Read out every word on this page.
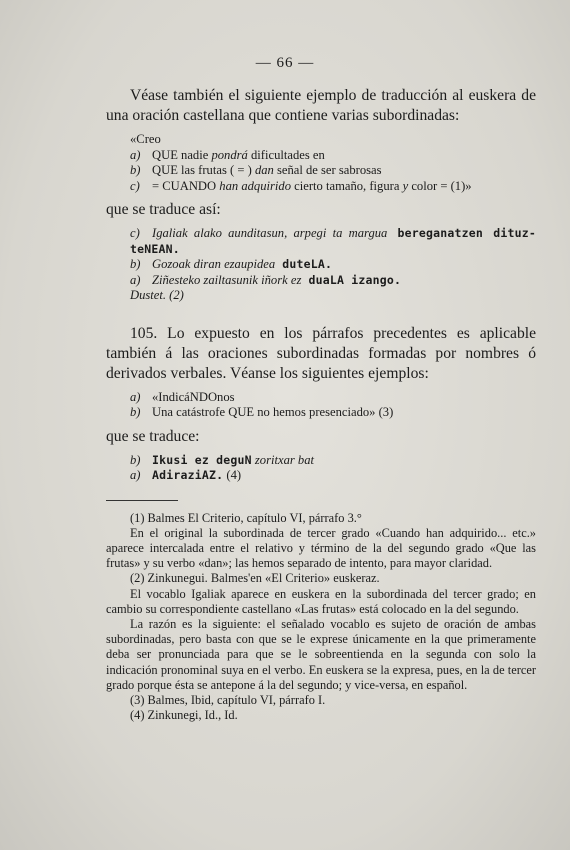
— 66 —

Véase también el siguiente ejemplo de traducción al euskera de una oración castellana que contiene varias subordinadas:

«Creo
a) QUE nadie pondrá dificultades en
b) QUE las frutas ( = ) dan señal de ser sabrosas
c) = CUANDO han adquirido cierto tamaño, figura y color = (1)»

que se traduce así:

c) Igaliak alako aunditasun, arpegi ta margua bereganatzen dituz-teNEAN.
b) Gozoak diran ezaupidea duteLA.
a) Ziñesteko zailtasunik iñork ez duaLA izango.
Dustet. (2)

105. Lo expuesto en los párrafos precedentes es aplicable también á las oraciones subordinadas formadas por nombres ó derivados verbales. Véanse los siguientes ejemplos:

a) «IndicáNDOnos
b) Una catástrofe QUE no hemos presenciado» (3)

que se traduce:

b) Ikusi ez deguN zoritxar bat
a) AdiraziAZ. (4)

(1) Balmes El Criterio, capítulo VI, párrafo 3.°

En el original la subordinada de tercer grado «Cuando han adquirido... etc.» aparece intercalada entre el relativo y término de la del segundo grado «Que las frutas» y su verbo «dan»; las hemos separado de intento, para mayor claridad.

(2) Zinkunegui. Balmes'en «El Criterio» euskeraz.

El vocablo Igaliak aparece en euskera en la subordinada del tercer grado; en cambio su correspondiente castellano «Las frutas» está colocado en la del segundo.

La razón es la siguiente: el señalado vocablo es sujeto de oración de ambas subordinadas, pero basta con que se le exprese únicamente en la que primeramente deba ser pronunciada para que se le sobreentienda en la segunda con solo la indicación pronominal suya en el verbo. En euskera se la expresa, pues, en la de tercer grado porque ésta se antepone á la del segundo; y vice-versa, en español.

(3) Balmes, Ibid, capítulo VI, párrafo I.

(4) Zinkunegi, Id., Id.
